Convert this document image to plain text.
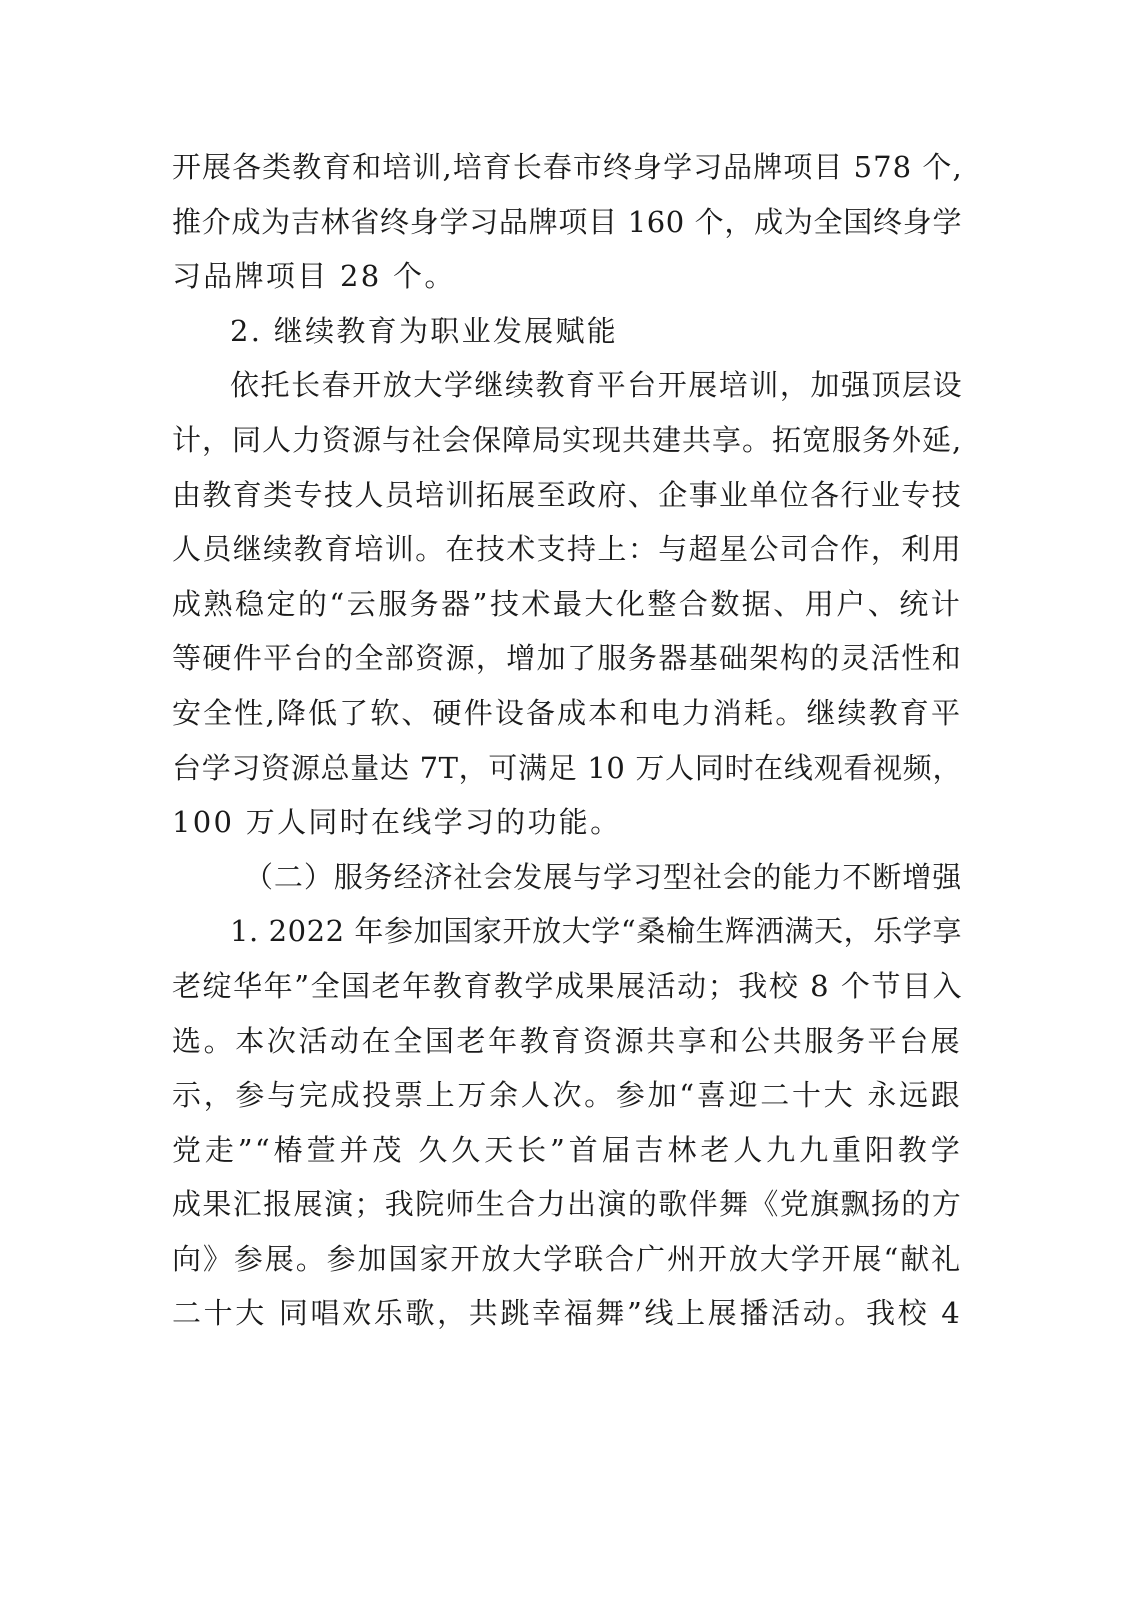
开展各类教育和培训,培育长春市终身学习品牌项目 578 个,
推介成为吉林省终身学习品牌项目 160 个，成为全国终身学
习品牌项目 28 个。
2. 继续教育为职业发展赋能
依托长春开放大学继续教育平台开展培训，加强顶层设
计，同人力资源与社会保障局实现共建共享。拓宽服务外延,
由教育类专技人员培训拓展至政府、企事业单位各行业专技
人员继续教育培训。在技术支持上：与超星公司合作，利用
成熟稳定的“云服务器”技术最大化整合数据、用户、统计
等硬件平台的全部资源，增加了服务器基础架构的灵活性和
安全性,降低了软、硬件设备成本和电力消耗。继续教育平
台学习资源总量达 7T，可满足 10 万人同时在线观看视频，
100 万人同时在线学习的功能。
（二）服务经济社会发展与学习型社会的能力不断增强
1. 2022 年参加国家开放大学“桑榆生辉洒满天，乐学享
老绽华年”全国老年教育教学成果展活动；我校 8 个节目入
选。本次活动在全国老年教育资源共享和公共服务平台展
示，参与完成投票上万余人次。参加“喜迎二十大 永远跟
党走”“椿萱并茂 久久天长”首届吉林老人九九重阳教学
成果汇报展演；我院师生合力出演的歌伴舞《党旗飘扬的方
向》参展。参加国家开放大学联合广州开放大学开展“献礼
二十大 同唱欢乐歌，共跳幸福舞”线上展播活动。我校 4
